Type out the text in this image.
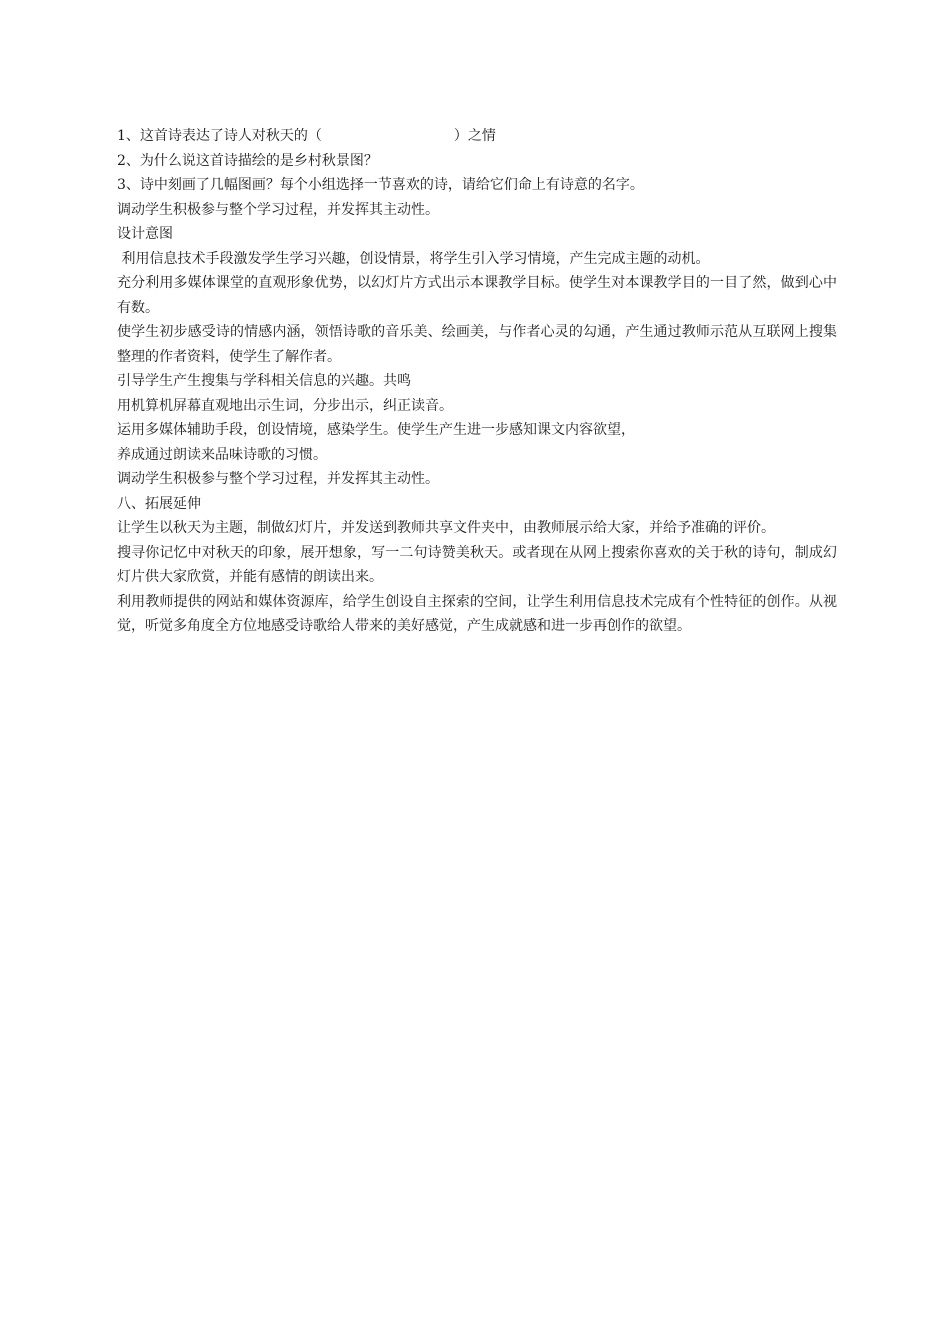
1、这首诗表达了诗人对秋天的（	）之情
2、为什么说这首诗描绘的是乡村秋景图？
3、诗中刻画了几幅图画？每个小组选择一节喜欢的诗，请给它们命上有诗意的名字。
调动学生积极参与整个学习过程，并发挥其主动性。
设计意图
利用信息技术手段激发学生学习兴趣，创设情景，将学生引入学习情境，产生完成主题的动机。
充分利用多媒体课堂的直观形象优势，以幻灯片方式出示本课教学目标。使学生对本课教学目的一目了然，做到心中有数。
使学生初步感受诗的情感内涵，领悟诗歌的音乐美、绘画美，与作者心灵的勾通，产生通过教师示范从互联网上搜集整理的作者资料，使学生了解作者。
引导学生产生搜集与学科相关信息的兴趣。共鸣
用机算机屏幕直观地出示生词，分步出示，纠正读音。
运用多媒体辅助手段，创设情境，感染学生。使学生产生进一步感知课文内容欲望，
养成通过朗读来品味诗歌的习惯。
调动学生积极参与整个学习过程，并发挥其主动性。
八、拓展延伸
让学生以秋天为主题，制做幻灯片，并发送到教师共享文件夹中，由教师展示给大家，并给予准确的评价。
搜寻你记忆中对秋天的印象，展开想象，写一二句诗赞美秋天。或者现在从网上搜索你喜欢的关于秋的诗句，制成幻灯片供大家欣赏，并能有感情的朗读出来。
利用教师提供的网站和媒体资源库，给学生创设自主探索的空间，让学生利用信息技术完成有个性特征的创作。从视觉，听觉多角度全方位地感受诗歌给人带来的美好感觉，产生成就感和进一步再创作的欲望。
